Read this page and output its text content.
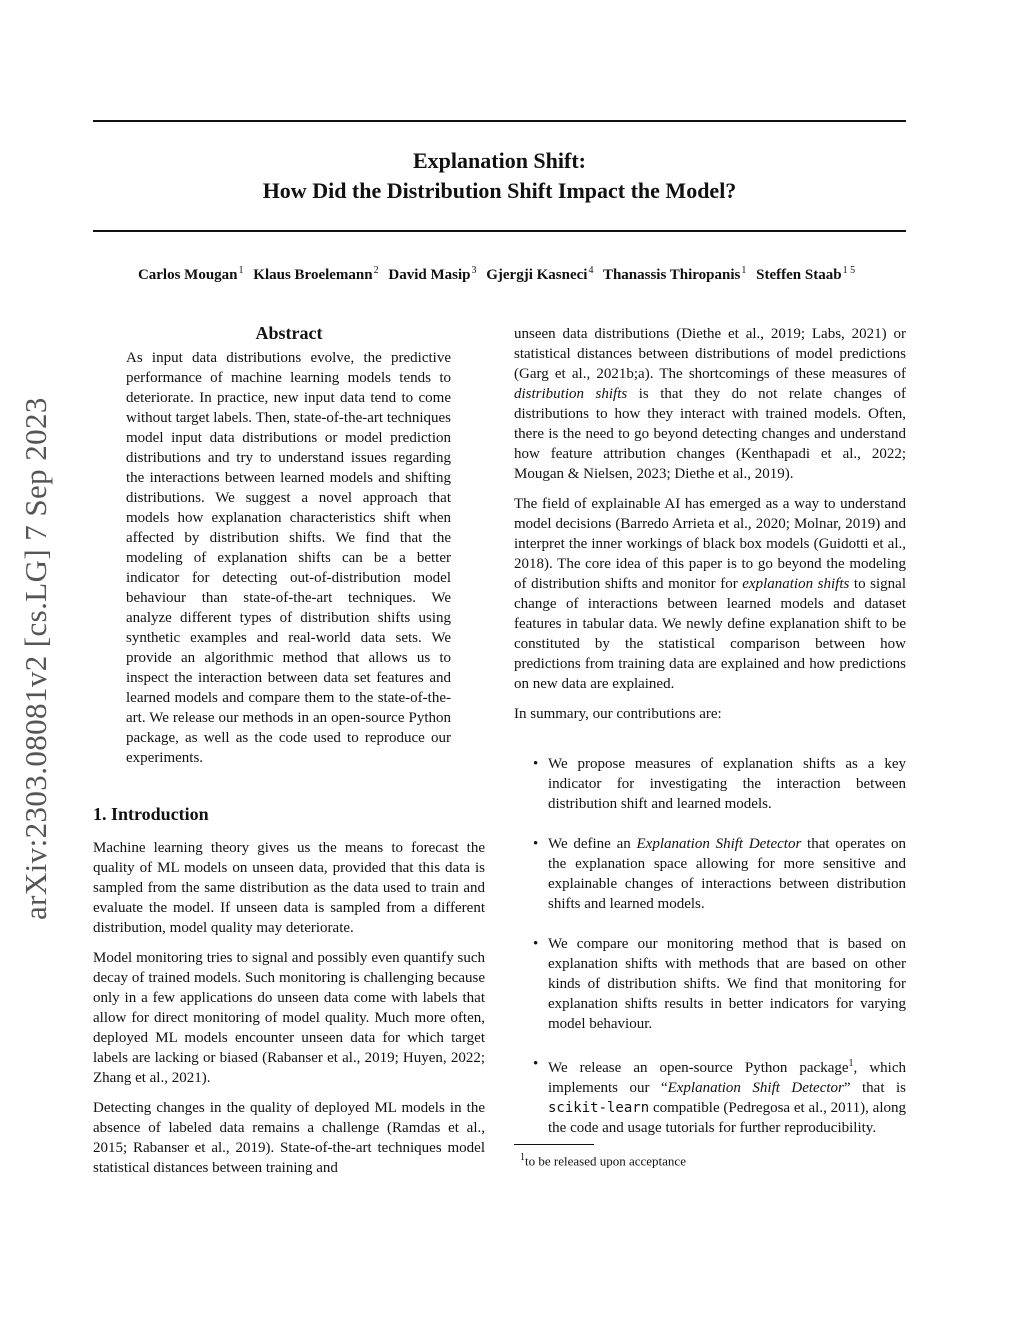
arXiv:2303.08081v2 [cs.LG] 7 Sep 2023
Explanation Shift:
How Did the Distribution Shift Impact the Model?
Carlos Mougan$^1$ Klaus Broelemann$^2$ David Masip$^3$ Gjergji Kasneci$^4$ Thanassis Thiropanis$^1$ Steffen Staab$^{1 5}$
Abstract
As input data distributions evolve, the predictive performance of machine learning models tends to deteriorate. In practice, new input data tend to come without target labels. Then, state-of-the-art techniques model input data distributions or model prediction distributions and try to understand issues regarding the interactions between learned models and shifting distributions. We suggest a novel approach that models how explanation characteristics shift when affected by distribution shifts. We find that the modeling of explanation shifts can be a better indicator for detecting out-of-distribution model behaviour than state-of-the-art techniques. We analyze different types of distribution shifts using synthetic examples and real-world data sets. We provide an algorithmic method that allows us to inspect the interaction between data set features and learned models and compare them to the state-of-the-art. We release our methods in an open-source Python package, as well as the code used to reproduce our experiments.
1. Introduction

Machine learning theory gives us the means to forecast the quality of ML models on unseen data, provided that this data is sampled from the same distribution as the data used to train and evaluate the model. If unseen data is sampled from a different distribution, model quality may deteriorate.

Model monitoring tries to signal and possibly even quantify such decay of trained models. Such monitoring is challenging because only in a few applications do unseen data come with labels that allow for direct monitoring of model quality. Much more often, deployed ML models encounter unseen data for which target labels are lacking or biased (Rabanser et al., 2019; Huyen, 2022; Zhang et al., 2021).

Detecting changes in the quality of deployed ML models in the absence of labeled data remains a challenge (Ramdas et al., 2015; Rabanser et al., 2019). State-of-the-art techniques model statistical distances between training and

unseen data distributions (Diethe et al., 2019; Labs, 2021) or statistical distances between distributions of model predictions (Garg et al., 2021b;a). The shortcomings of these measures of distribution shifts is that they do not relate changes of distributions to how they interact with trained models. Often, there is the need to go beyond detecting changes and understand how feature attribution changes (Kenthapadi et al., 2022; Mougan & Nielsen, 2023; Diethe et al., 2019).

The field of explainable AI has emerged as a way to understand model decisions (Barredo Arrieta et al., 2020; Molnar, 2019) and interpret the inner workings of black box models (Guidotti et al., 2018). The core idea of this paper is to go beyond the modeling of distribution shifts and monitor for explanation shifts to signal change of interactions between learned models and dataset features in tabular data. We newly define explanation shift to be constituted by the statistical comparison between how predictions from training data are explained and how predictions on new data are explained.

In summary, our contributions are:

• We propose measures of explanation shifts as a key indicator for investigating the interaction between distribution shift and learned models.
• We define an Explanation Shift Detector that operates on the explanation space allowing for more sensitive and explainable changes of interactions between distribution shifts and learned models.
• We compare our monitoring method that is based on explanation shifts with methods that are based on other kinds of distribution shifts. We find that monitoring for explanation shifts results in better indicators for varying model behaviour.
• We release an open-source Python package$^1$, which implements our “Explanation Shift Detector” that is scikit-learn compatible (Pedregosa et al., 2011), along the code and usage tutorials for further reproducibility.
$^1$to be released upon acceptance
